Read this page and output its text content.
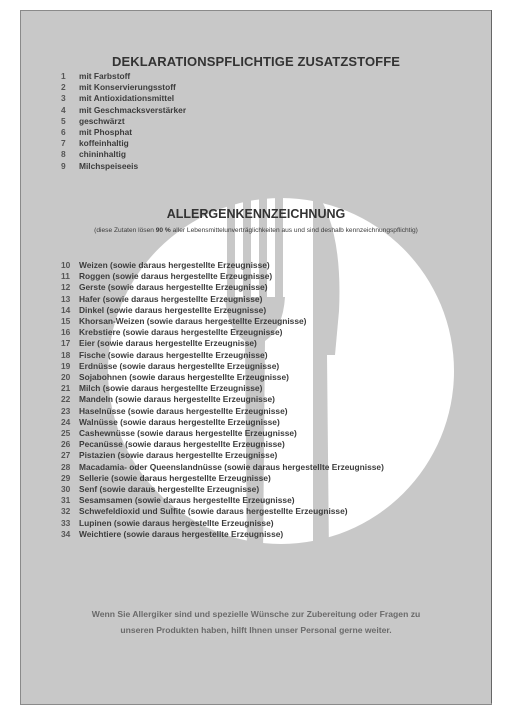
DEKLARATIONSPFLICHTIGE ZUSATZSTOFFE
1 mit Farbstoff
2 mit Konservierungsstoff
3 mit Antioxidationsmittel
4 mit Geschmacksverstärker
5 geschwärzt
6 mit Phosphat
7 koffeinhaltig
8 chininhaltig
9 Milchspeiseeis
ALLERGENKENNZEICHNUNG
(diese Zutaten lösen 90 % aller Lebensmittelunverträglichkeiten aus und sind deshalb kennzeichnungspflichtig)
10 Weizen (sowie daraus hergestellte Erzeugnisse)
11 Roggen (sowie daraus hergestellte Erzeugnisse)
12 Gerste (sowie daraus hergestellte Erzeugnisse)
13 Hafer (sowie daraus hergestellte Erzeugnisse)
14 Dinkel (sowie daraus hergestellte Erzeugnisse)
15 Khorsan-Weizen (sowie daraus hergestellte Erzeugnisse)
16 Krebstiere (sowie daraus hergestellte Erzeugnisse)
17 Eier (sowie daraus hergestellte Erzeugnisse)
18 Fische (sowie daraus hergestellte Erzeugnisse)
19 Erdnüsse (sowie daraus hergestellte Erzeugnisse)
20 Sojabohnen (sowie daraus hergestellte Erzeugnisse)
21 Milch (sowie daraus hergestellte Erzeugnisse)
22 Mandeln (sowie daraus hergestellte Erzeugnisse)
23 Haselnüsse (sowie daraus hergestellte Erzeugnisse)
24 Walnüsse (sowie daraus hergestellte Erzeugnisse)
25 Cashewnüsse (sowie daraus hergestellte Erzeugnisse)
26 Pecanüsse (sowie daraus hergestellte Erzeugnisse)
27 Pistazien (sowie daraus hergestellte Erzeugnisse)
28 Macadamia- oder Queenslandnüsse (sowie daraus hergestellte Erzeugnisse)
29 Sellerie (sowie daraus hergestellte Erzeugnisse)
30 Senf (sowie daraus hergestellte Erzeugnisse)
31 Sesamsamen (sowie daraus hergestellte Erzeugnisse)
32 Schwefeldioxid und Sulfite (sowie daraus hergestellte Erzeugnisse)
33 Lupinen (sowie daraus hergestellte Erzeugnisse)
34 Weichtiere (sowie daraus hergestellte Erzeugnisse)
Wenn Sie Allergiker sind und spezielle Wünsche zur Zubereitung oder Fragen zu
unseren Produkten haben, hilft Ihnen unser Personal gerne weiter.
